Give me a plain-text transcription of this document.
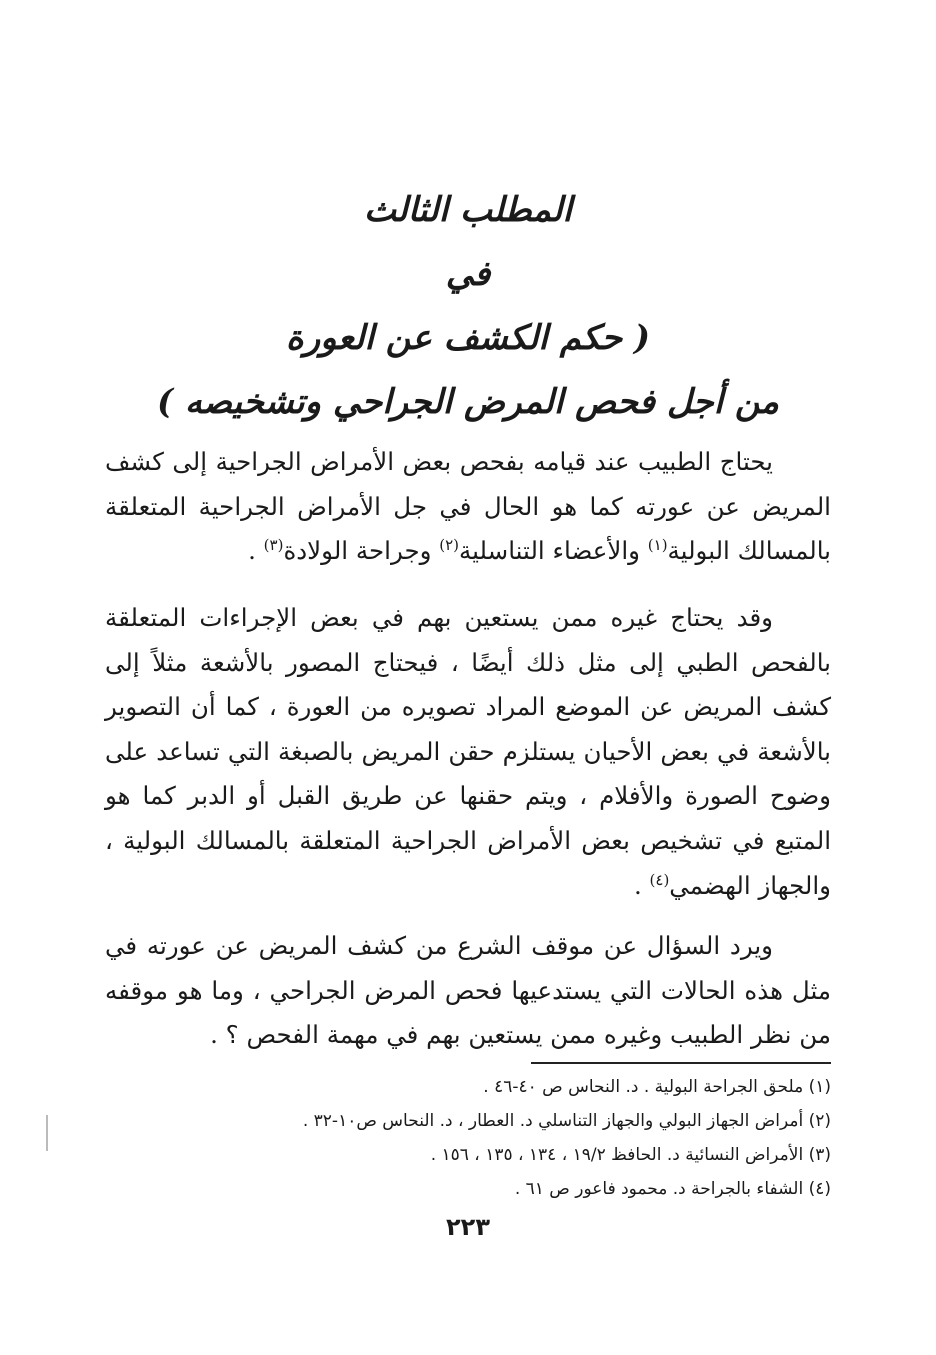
المطلب الثالث
في
( حكم الكشف عن العورة
من أجل فحص المرض الجراحي وتشخيصه )

يحتاج الطبيب عند قيامه بفحص بعض الأمراض الجراحية إلى كشف المريض عن عورته كما هو الحال في جل الأمراض الجراحية المتعلقة بالمسالك البولية$^{(١)}$ والأعضاء التناسلية$^{(٢)}$ وجراحة الولادة$^{(٣)}$ .

وقد يحتاج غيره ممن يستعين بهم في بعض الإجراءات المتعلقة بالفحص الطبي إلى مثل ذلك أيضًا ، فيحتاج المصور بالأشعة مثلاً إلى كشف المريض عن الموضع المراد تصويره من العورة ، كما أن التصوير بالأشعة في بعض الأحيان يستلزم حقن المريض بالصبغة التي تساعد على وضوح الصورة والأفلام ، ويتم حقنها عن طريق القبل أو الدبر كما هو المتبع في تشخيص بعض الأمراض الجراحية المتعلقة بالمسالك البولية ، والجهاز الهضمي$^{(٤)}$ .

ويرد السؤال عن موقف الشرع من كشف المريض عن عورته في مثل هذه الحالات التي يستدعيها فحص المرض الجراحي ، وما هو موقفه من نظر الطبيب وغيره ممن يستعين بهم في مهمة الفحص ؟ .

(١) ملحق الجراحة البولية . د. النحاس ص ٤٠-٤٦ .
(٢) أمراض الجهاز البولي والجهاز التناسلي د. العطار ، د. النحاس ص١٠-٣٢ .
(٣) الأمراض النسائية د. الحافظ ١٩/٢ ، ١٣٤ ، ١٣٥ ، ١٥٦ .
(٤) الشفاء بالجراحة د. محمود فاعور ص ٦١ .
٢٢٣
